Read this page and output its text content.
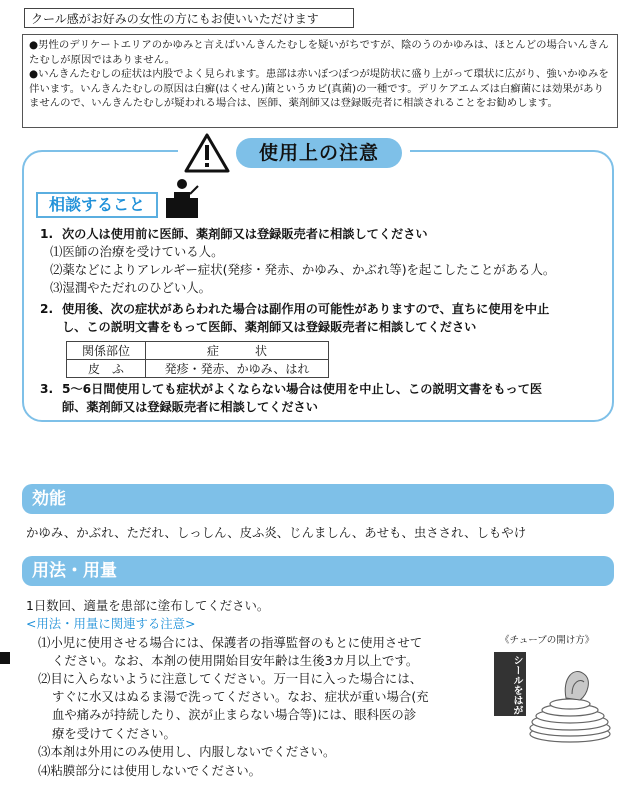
クール感がお好みの女性の方にもお使いいただけます

●男性のデリケートエリアのかゆみと言えばいんきんたむしを疑いがちですが、陰のうのかゆみは、ほとんどの場合いんきんたむしが原因ではありません。

●いんきんたむしの症状は内股でよく見られます。患部は赤いぼつぼつが堤防状に盛り上がって環状に広がり、強いかゆみを伴います。いんきんたむしの原因は白癬(はくせん)菌というカビ(真菌)の一種です。デリケアエムズは白癬菌には効果がありませんので、いんきんたむしが疑われる場合は、医師、薬剤師又は登録販売者に相談されることをお勧めします。

使用上の注意
相談すること
1. 次の人は使用前に医師、薬剤師又は登録販売者に相談してください
⑴医師の治療を受けている人。
⑵薬などによりアレルギー症状(発疹・発赤、かゆみ、かぶれ等)を起こしたことがある人。
⑶湿潤やただれのひどい人。
2. 使用後、次の症状があらわれた場合は副作用の可能性がありますので、直ちに使用を中止
し、この説明文書をもって医師、薬剤師又は登録販売者に相談してください
関係部位	症　　　状
皮　ふ	発疹・発赤、かゆみ、はれ
3. 5～6日間使用しても症状がよくならない場合は使用を中止し、この説明文書をもって医
師、薬剤師又は登録販売者に相談してください
効能
かゆみ、かぶれ、ただれ、しっしん、皮ふ炎、じんましん、あせも、虫さされ、しもやけ
用法・用量
1日数回、適量を患部に塗布してください。
<用法・用量に関連する注意>
⑴小児に使用させる場合には、保護者の指導監督のもとに使用させて
ください。なお、本剤の使用開始目安年齢は生後3カ月以上です。
⑵目に入らないように注意してください。万一目に入った場合には、
すぐに水又はぬるま湯で洗ってください。なお、症状が重い場合(充
血や痛みが持続したり、涙が止まらない場合等)には、眼科医の診
療を受けてください。
⑶本剤は外用にのみ使用し、内服しないでください。
⑷粘膜部分には使用しないでください。
《チューブの開け方》
シールをはがしてお使いください
